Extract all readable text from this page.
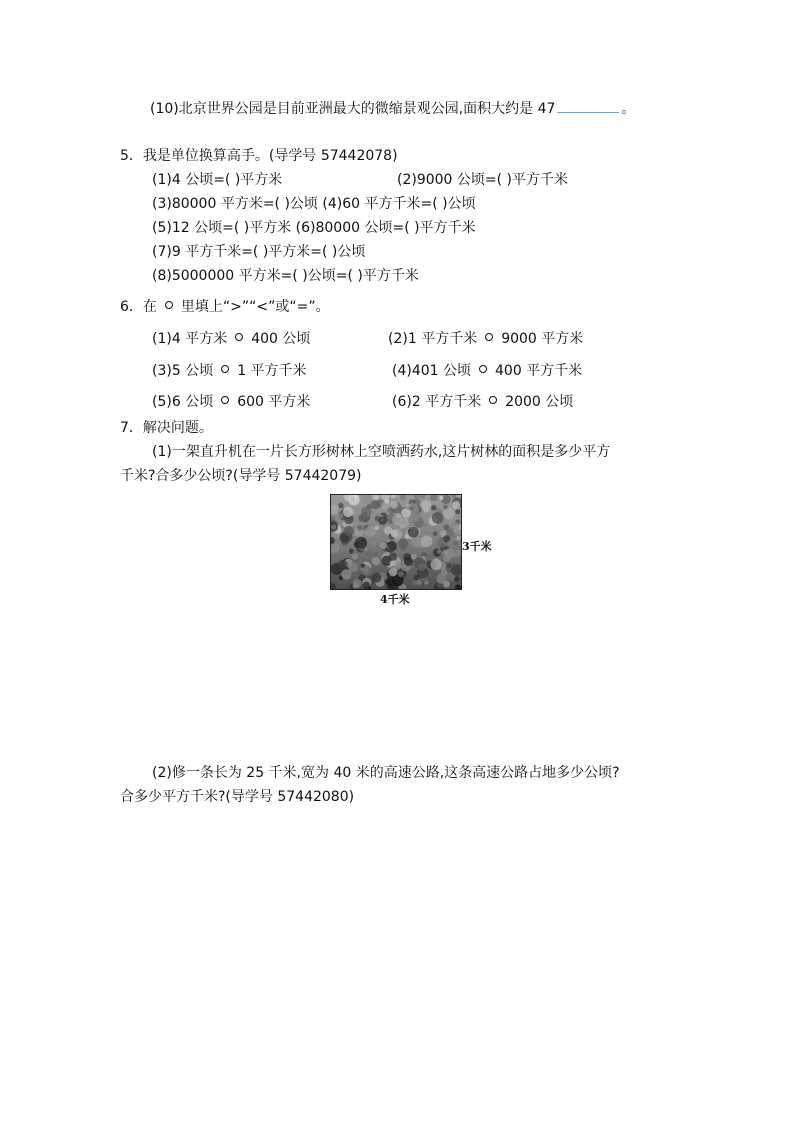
(10)北京世界公园是目前亚洲最大的微缩景观公园,面积大约是 47	。
5．我是单位换算高手。(导学号 57442078)
(1)4 公顷=( )平方米	(2)9000 公顷=( )平方千米
(3)80000 平方米=( )公顷 (4)60 平方千米=( )公顷
(5)12 公顷=( )平方米 (6)80000 公顷=( )平方千米
(7)9 平方千米=( )平方米=( )公顷
(8)5000000 平方米=( )公顷=( )平方千米
6．在 里填上“>”“<”或“=”。
(1)4 平方米 400 公顷	(2)1 平方千米 9000 平方米
(3)5 公顷 1 平方千米	(4)401 公顷 400 平方千米
(5)6 公顷 600 平方米	(6)2 平方千米 2000 公顷
7．解决问题。
(1)一架直升机在一片长方形树林上空喷洒药水,这片树林的面积是多少平方
千米?合多少公顷?(导学号 57442079)
3千米
4千米
(2)修一条长为 25 千米,宽为 40 米的高速公路,这条高速公路占地多少公顷?
合多少平方千米?(导学号 57442080)
